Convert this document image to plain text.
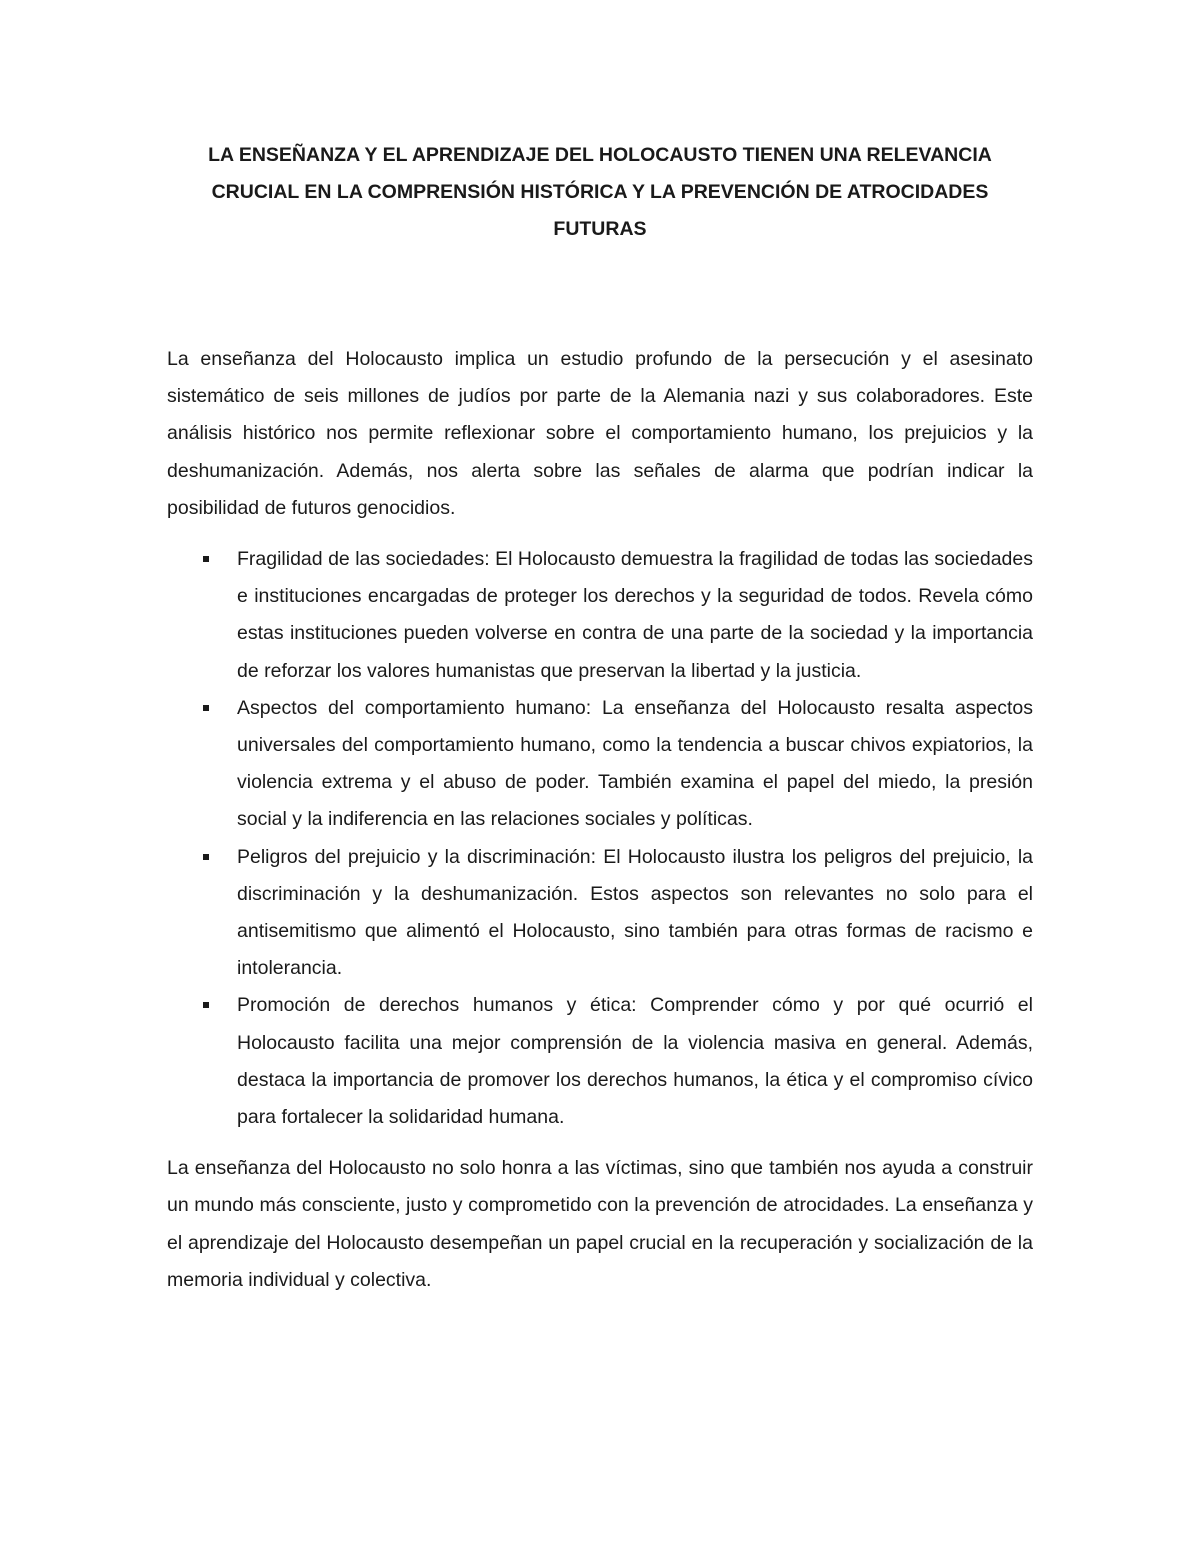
LA ENSEÑANZA Y EL APRENDIZAJE DEL HOLOCAUSTO TIENEN UNA RELEVANCIA CRUCIAL EN LA COMPRENSIÓN HISTÓRICA Y LA PREVENCIÓN DE ATROCIDADES FUTURAS

La enseñanza del Holocausto implica un estudio profundo de la persecución y el asesinato sistemático de seis millones de judíos por parte de la Alemania nazi y sus colaboradores. Este análisis histórico nos permite reflexionar sobre el comportamiento humano, los prejuicios y la deshumanización. Además, nos alerta sobre las señales de alarma que podrían indicar la posibilidad de futuros genocidios.

Fragilidad de las sociedades: El Holocausto demuestra la fragilidad de todas las sociedades e instituciones encargadas de proteger los derechos y la seguridad de todos. Revela cómo estas instituciones pueden volverse en contra de una parte de la sociedad y la importancia de reforzar los valores humanistas que preservan la libertad y la justicia.
Aspectos del comportamiento humano: La enseñanza del Holocausto resalta aspectos universales del comportamiento humano, como la tendencia a buscar chivos expiatorios, la violencia extrema y el abuso de poder. También examina el papel del miedo, la presión social y la indiferencia en las relaciones sociales y políticas.
Peligros del prejuicio y la discriminación: El Holocausto ilustra los peligros del prejuicio, la discriminación y la deshumanización. Estos aspectos son relevantes no solo para el antisemitismo que alimentó el Holocausto, sino también para otras formas de racismo e intolerancia.
Promoción de derechos humanos y ética: Comprender cómo y por qué ocurrió el Holocausto facilita una mejor comprensión de la violencia masiva en general. Además, destaca la importancia de promover los derechos humanos, la ética y el compromiso cívico para fortalecer la solidaridad humana.

La enseñanza del Holocausto no solo honra a las víctimas, sino que también nos ayuda a construir un mundo más consciente, justo y comprometido con la prevención de atrocidades. La enseñanza y el aprendizaje del Holocausto desempeñan un papel crucial en la recuperación y socialización de la memoria individual y colectiva.
